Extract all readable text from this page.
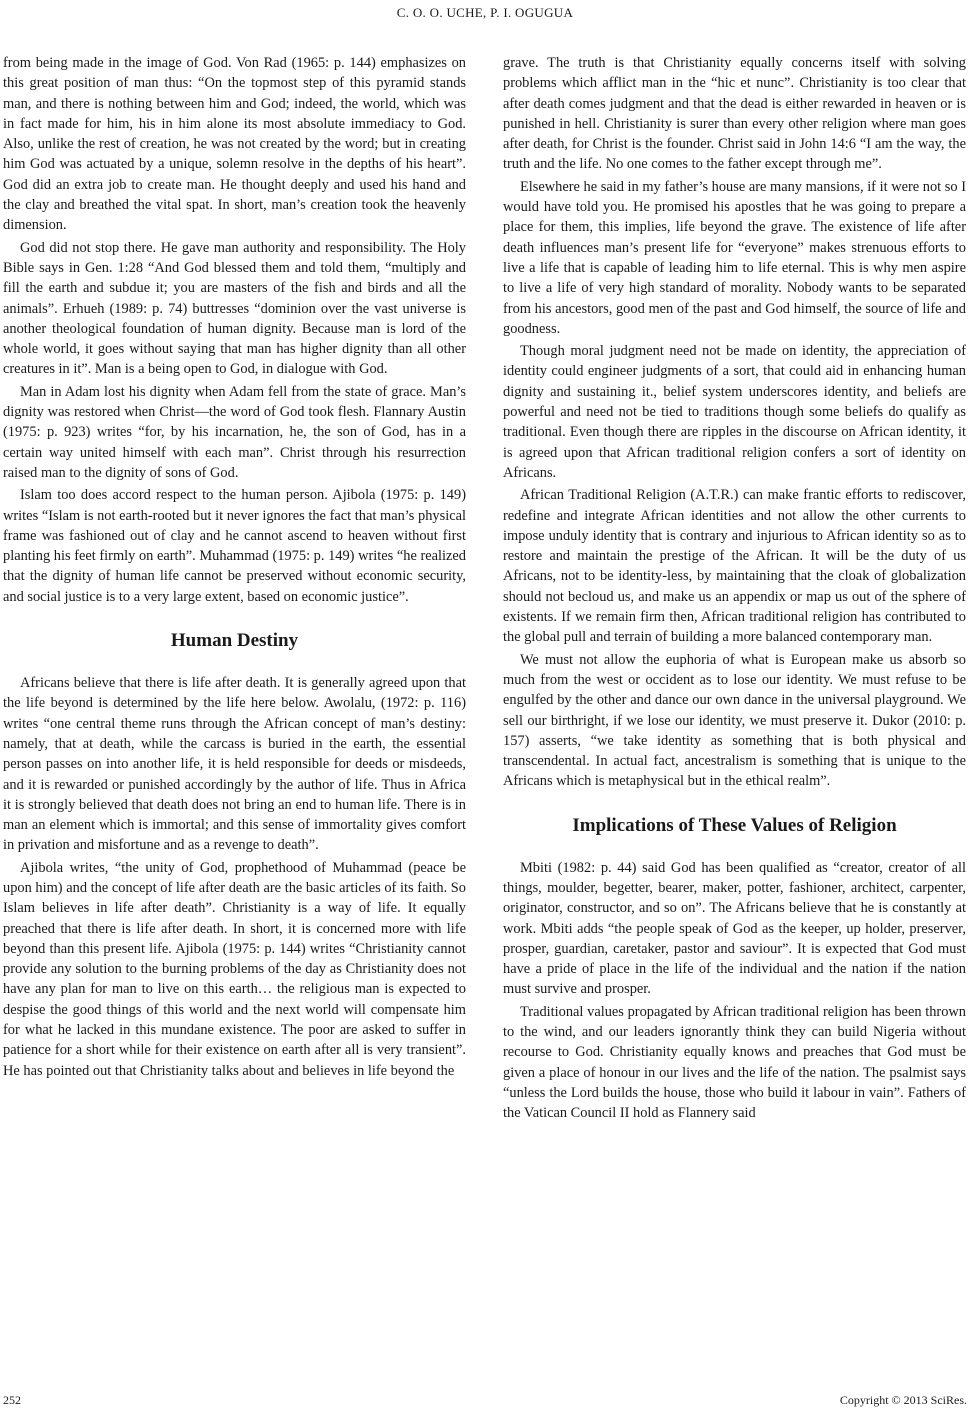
C. O. O. UCHE, P. I. OGUGUA

from being made in the image of God. Von Rad (1965: p. 144) emphasizes on this great position of man thus: “On the topmost step of this pyramid stands man, and there is nothing between him and God; indeed, the world, which was in fact made for him, his in him alone its most absolute immediacy to God. Also, unlike the rest of creation, he was not created by the word; but in creating him God was actuated by a unique, solemn resolve in the depths of his heart”. God did an extra job to create man. He thought deeply and used his hand and the clay and breathed the vital spat. In short, man’s creation took the heavenly dimension.

God did not stop there. He gave man authority and responsibility. The Holy Bible says in Gen. 1:28 “And God blessed them and told them, “multiply and fill the earth and subdue it; you are masters of the fish and birds and all the animals”. Erhueh (1989: p. 74) buttresses “dominion over the vast universe is another theological foundation of human dignity. Because man is lord of the whole world, it goes without saying that man has higher dignity than all other creatures in it”. Man is a being open to God, in dialogue with God.

Man in Adam lost his dignity when Adam fell from the state of grace. Man’s dignity was restored when Christ—the word of God took flesh. Flannary Austin (1975: p. 923) writes “for, by his incarnation, he, the son of God, has in a certain way united himself with each man”. Christ through his resurrection raised man to the dignity of sons of God.

Islam too does accord respect to the human person. Ajibola (1975: p. 149) writes “Islam is not earth-rooted but it never ignores the fact that man’s physical frame was fashioned out of clay and he cannot ascend to heaven without first planting his feet firmly on earth”. Muhammad (1975: p. 149) writes “he realized that the dignity of human life cannot be preserved without economic security, and social justice is to a very large extent, based on economic justice”.

Human Destiny

Africans believe that there is life after death. It is generally agreed upon that the life beyond is determined by the life here below. Awolalu, (1972: p. 116) writes “one central theme runs through the African concept of man’s destiny: namely, that at death, while the carcass is buried in the earth, the essential person passes on into another life, it is held responsible for deeds or misdeeds, and it is rewarded or punished accordingly by the author of life. Thus in Africa it is strongly believed that death does not bring an end to human life. There is in man an element which is immortal; and this sense of immortality gives comfort in privation and misfortune and as a revenge to death”.

Ajibola writes, “the unity of God, prophethood of Muhammad (peace be upon him) and the concept of life after death are the basic articles of its faith. So Islam believes in life after death”. Christianity is a way of life. It equally preached that there is life after death. In short, it is concerned more with life beyond than this present life. Ajibola (1975: p. 144) writes “Christianity cannot provide any solution to the burning problems of the day as Christianity does not have any plan for man to live on this earth… the religious man is expected to despise the good things of this world and the next world will compensate him for what he lacked in this mundane existence. The poor are asked to suffer in patience for a short while for their existence on earth after all is very transient”. He has pointed out that Christianity talks about and believes in life beyond the

grave. The truth is that Christianity equally concerns itself with solving problems which afflict man in the “hic et nunc”. Christianity is too clear that after death comes judgment and that the dead is either rewarded in heaven or is punished in hell. Christianity is surer than every other religion where man goes after death, for Christ is the founder. Christ said in John 14:6 “I am the way, the truth and the life. No one comes to the father except through me”.

Elsewhere he said in my father’s house are many mansions, if it were not so I would have told you. He promised his apostles that he was going to prepare a place for them, this implies, life beyond the grave. The existence of life after death influences man’s present life for “everyone” makes strenuous efforts to live a life that is capable of leading him to life eternal. This is why men aspire to live a life of very high standard of morality. Nobody wants to be separated from his ancestors, good men of the past and God himself, the source of life and goodness.

Though moral judgment need not be made on identity, the appreciation of identity could engineer judgments of a sort, that could aid in enhancing human dignity and sustaining it., belief system underscores identity, and beliefs are powerful and need not be tied to traditions though some beliefs do qualify as traditional. Even though there are ripples in the discourse on African identity, it is agreed upon that African traditional religion confers a sort of identity on Africans.

African Traditional Religion (A.T.R.) can make frantic efforts to rediscover, redefine and integrate African identities and not allow the other currents to impose unduly identity that is contrary and injurious to African identity so as to restore and maintain the prestige of the African. It will be the duty of us Africans, not to be identity-less, by maintaining that the cloak of globalization should not becloud us, and make us an appendix or map us out of the sphere of existents. If we remain firm then, African traditional religion has contributed to the global pull and terrain of building a more balanced contemporary man.

We must not allow the euphoria of what is European make us absorb so much from the west or occident as to lose our identity. We must refuse to be engulfed by the other and dance our own dance in the universal playground. We sell our birthright, if we lose our identity, we must preserve it. Dukor (2010: p. 157) asserts, “we take identity as something that is both physical and transcendental. In actual fact, ancestralism is something that is unique to the Africans which is metaphysical but in the ethical realm”.

Implications of These Values of Religion

Mbiti (1982: p. 44) said God has been qualified as “creator, creator of all things, moulder, begetter, bearer, maker, potter, fashioner, architect, carpenter, originator, constructor, and so on”. The Africans believe that he is constantly at work. Mbiti adds “the people speak of God as the keeper, up holder, preserver, prosper, guardian, caretaker, pastor and saviour”. It is expected that God must have a pride of place in the life of the individual and the nation if the nation must survive and prosper.

Traditional values propagated by African traditional religion has been thrown to the wind, and our leaders ignorantly think they can build Nigeria without recourse to God. Christianity equally knows and preaches that God must be given a place of honour in our lives and the life of the nation. The psalmist says “unless the Lord builds the house, those who build it labour in vain”. Fathers of the Vatican Council II hold as Flannery said

252	Copyright © 2013 SciRes.
